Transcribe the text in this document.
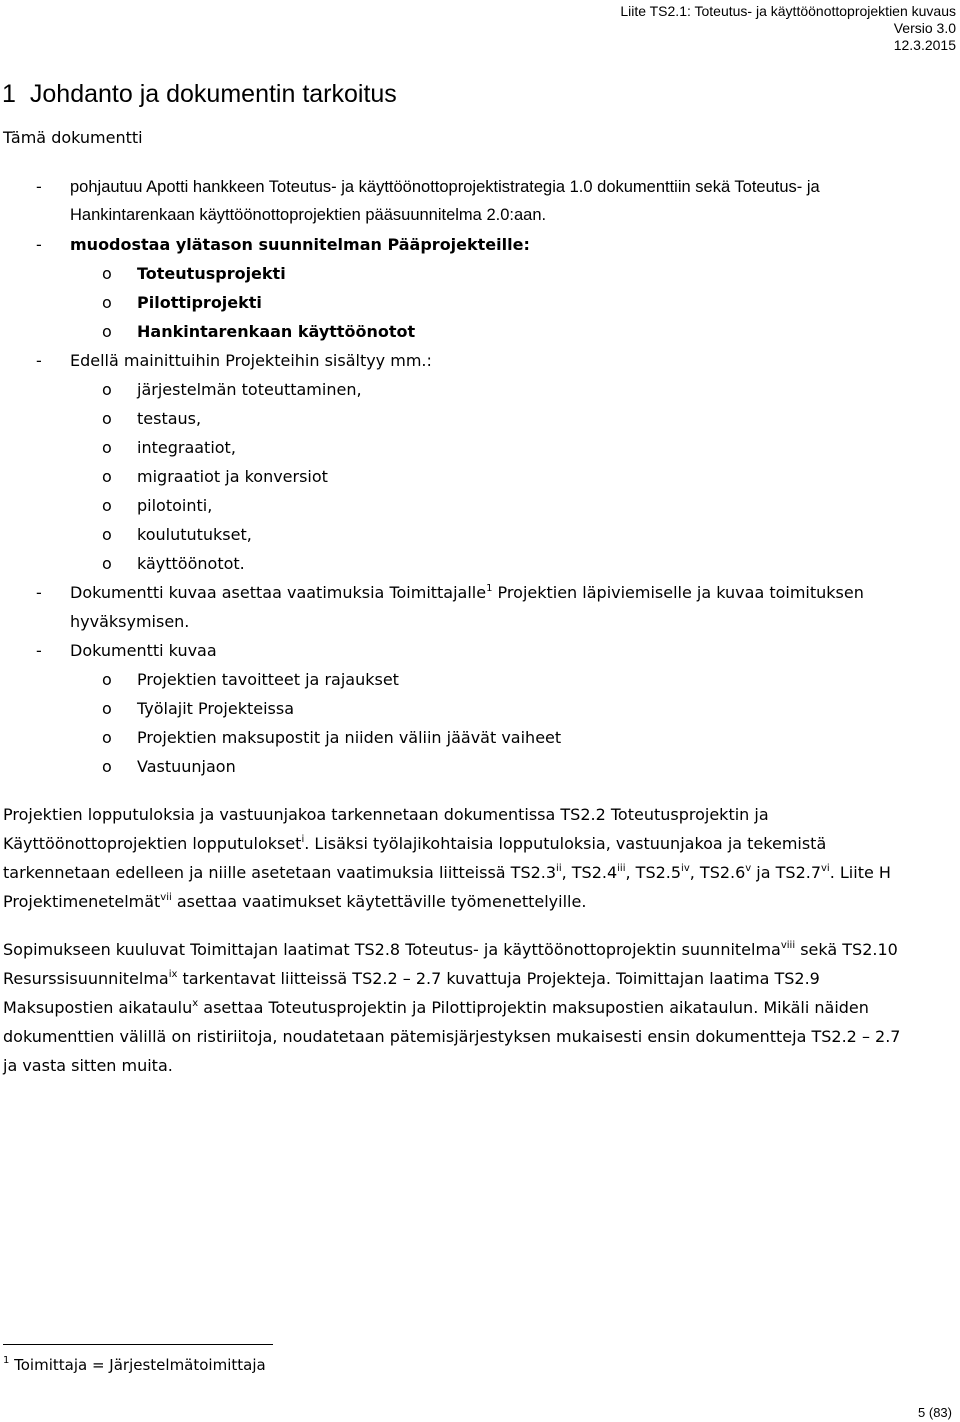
Liite TS2.1: Toteutus- ja käyttöönottoprojektien kuvaus
Versio 3.0
12.3.2015
1 Johdanto ja dokumentin tarkoitus
Tämä dokumentti
- pohjautuu Apotti hankkeen Toteutus- ja käyttöönottoprojektistrategia 1.0 dokumenttiin sekä Toteutus- ja
Hankintarenkaan käyttöönottoprojektien pääsuunnitelma 2.0:aan.
- muodostaa ylätason suunnitelman Pääprojekteille:
o Toteutusprojekti
o Pilottiprojekti
o Hankintarenkaan käyttöönotot
- Edellä mainittuihin Projekteihin sisältyy mm.:
o järjestelmän toteuttaminen,
o testaus,
o integraatiot,
o migraatiot ja konversiot
o pilotointi,
o koulututukset,
o käyttöönotot.
- Dokumentti kuvaa asettaa vaatimuksia Toimittajalle$^1$ Projektien läpiviemiselle ja kuvaa toimituksen
hyväksymisen.
- Dokumentti kuvaa
o Projektien tavoitteet ja rajaukset
o Työlajit Projekteissa
o Projektien maksupostit ja niiden väliin jäävät vaiheet
o Vastuunjaon
Projektien lopputuloksia ja vastuunjakoa tarkennetaan dokumentissa TS2.2 Toteutusprojektin ja
Käyttöönottoprojektien lopputulokset$^i$. Lisäksi työlajikohtaisia lopputuloksia, vastuunjakoa ja tekemistä
tarkennetaan edelleen ja niille asetetaan vaatimuksia liitteissä TS2.3$^{ii}$, TS2.4$^{iii}$, TS2.5$^{iv}$, TS2.6$^v$ ja TS2.7$^{vi}$. Liite H
Projektimenetelmät$^{vii}$ asettaa vaatimukset käytettäville työmenettelyille.
Sopimukseen kuuluvat Toimittajan laatimat TS2.8 Toteutus- ja käyttöönottoprojektin suunnitelma$^{viii}$ sekä TS2.10
Resurssisuunnitelma$^{ix}$ tarkentavat liitteissä TS2.2 – 2.7 kuvattuja Projekteja. Toimittajan laatima TS2.9
Maksupostien aikataulu$^x$ asettaa Toteutusprojektin ja Pilottiprojektin maksupostien aikataulun. Mikäli näiden
dokumenttien välillä on ristiriitoja, noudatetaan pätemisjärjestyksen mukaisesti ensin dokumentteja TS2.2 – 2.7
ja vasta sitten muita.
$^1$ Toimittaja = Järjestelmätoimittaja
5 (83)
